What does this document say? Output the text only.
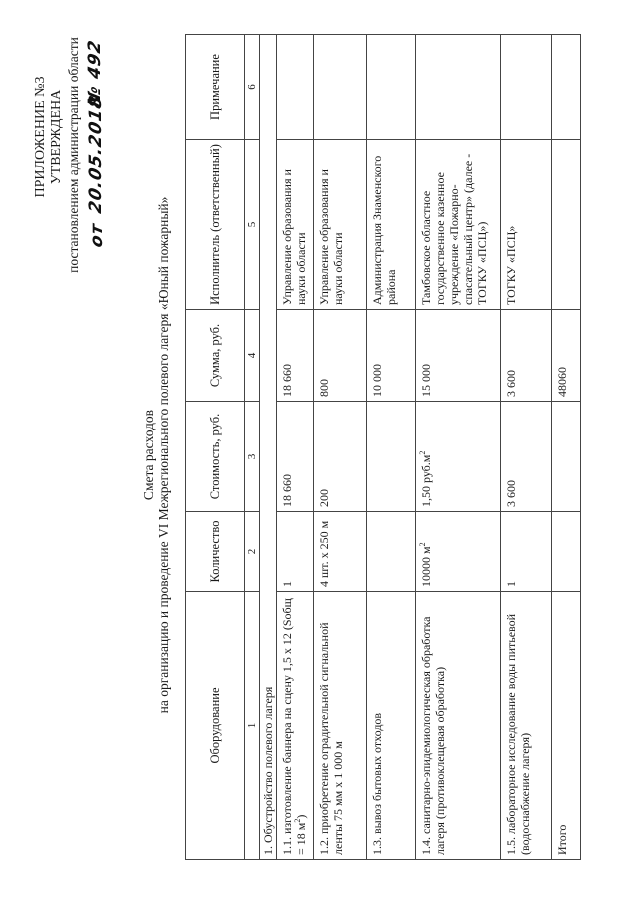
ПРИЛОЖЕНИЕ №3 УТВЕРЖДЕНА постановлением администрации области от
20.05.2018
№ 492
Смета расходов на организацию и проведение VI Межрегионального полевого лагеря «Юный пожарный»
Оборудование	Количество	Стоимость, руб.	Сумма, руб.	Исполнитель (ответственный)	Примечание
1	2	3	4	5	6
1. Обустройство полевого лагеря					
1.1. изготовление баннера на сцену 1,5 х 12 (Sобщ = 18 $м^2$)	1	18 660	18 660	Управление образования и науки области	
1.2. приобретение оградительной сигнальной ленты 75 мм х 1 000 м	4 шт. х 250 м	200	800	Управление образования и науки области	
1.3. вывоз бытовых отходов			10 000	Администрация Знаменского района	
1.4. санитарно-эпидемиологическая обработка лагеря (противоклещевая обработка)	10000 $м^2$	1,50 $руб.м^2$	15 000	Тамбовское областное государственное казенное учреждение «Пожарно-спасательный центр» (далее - ТОГКУ «ПСЦ»)	
1.5. лабораторное исследование воды питьевой (водоснабжение лагеря)	1	3 600	3 600	ТОГКУ «ПСЦ»	
Итого			48060		
